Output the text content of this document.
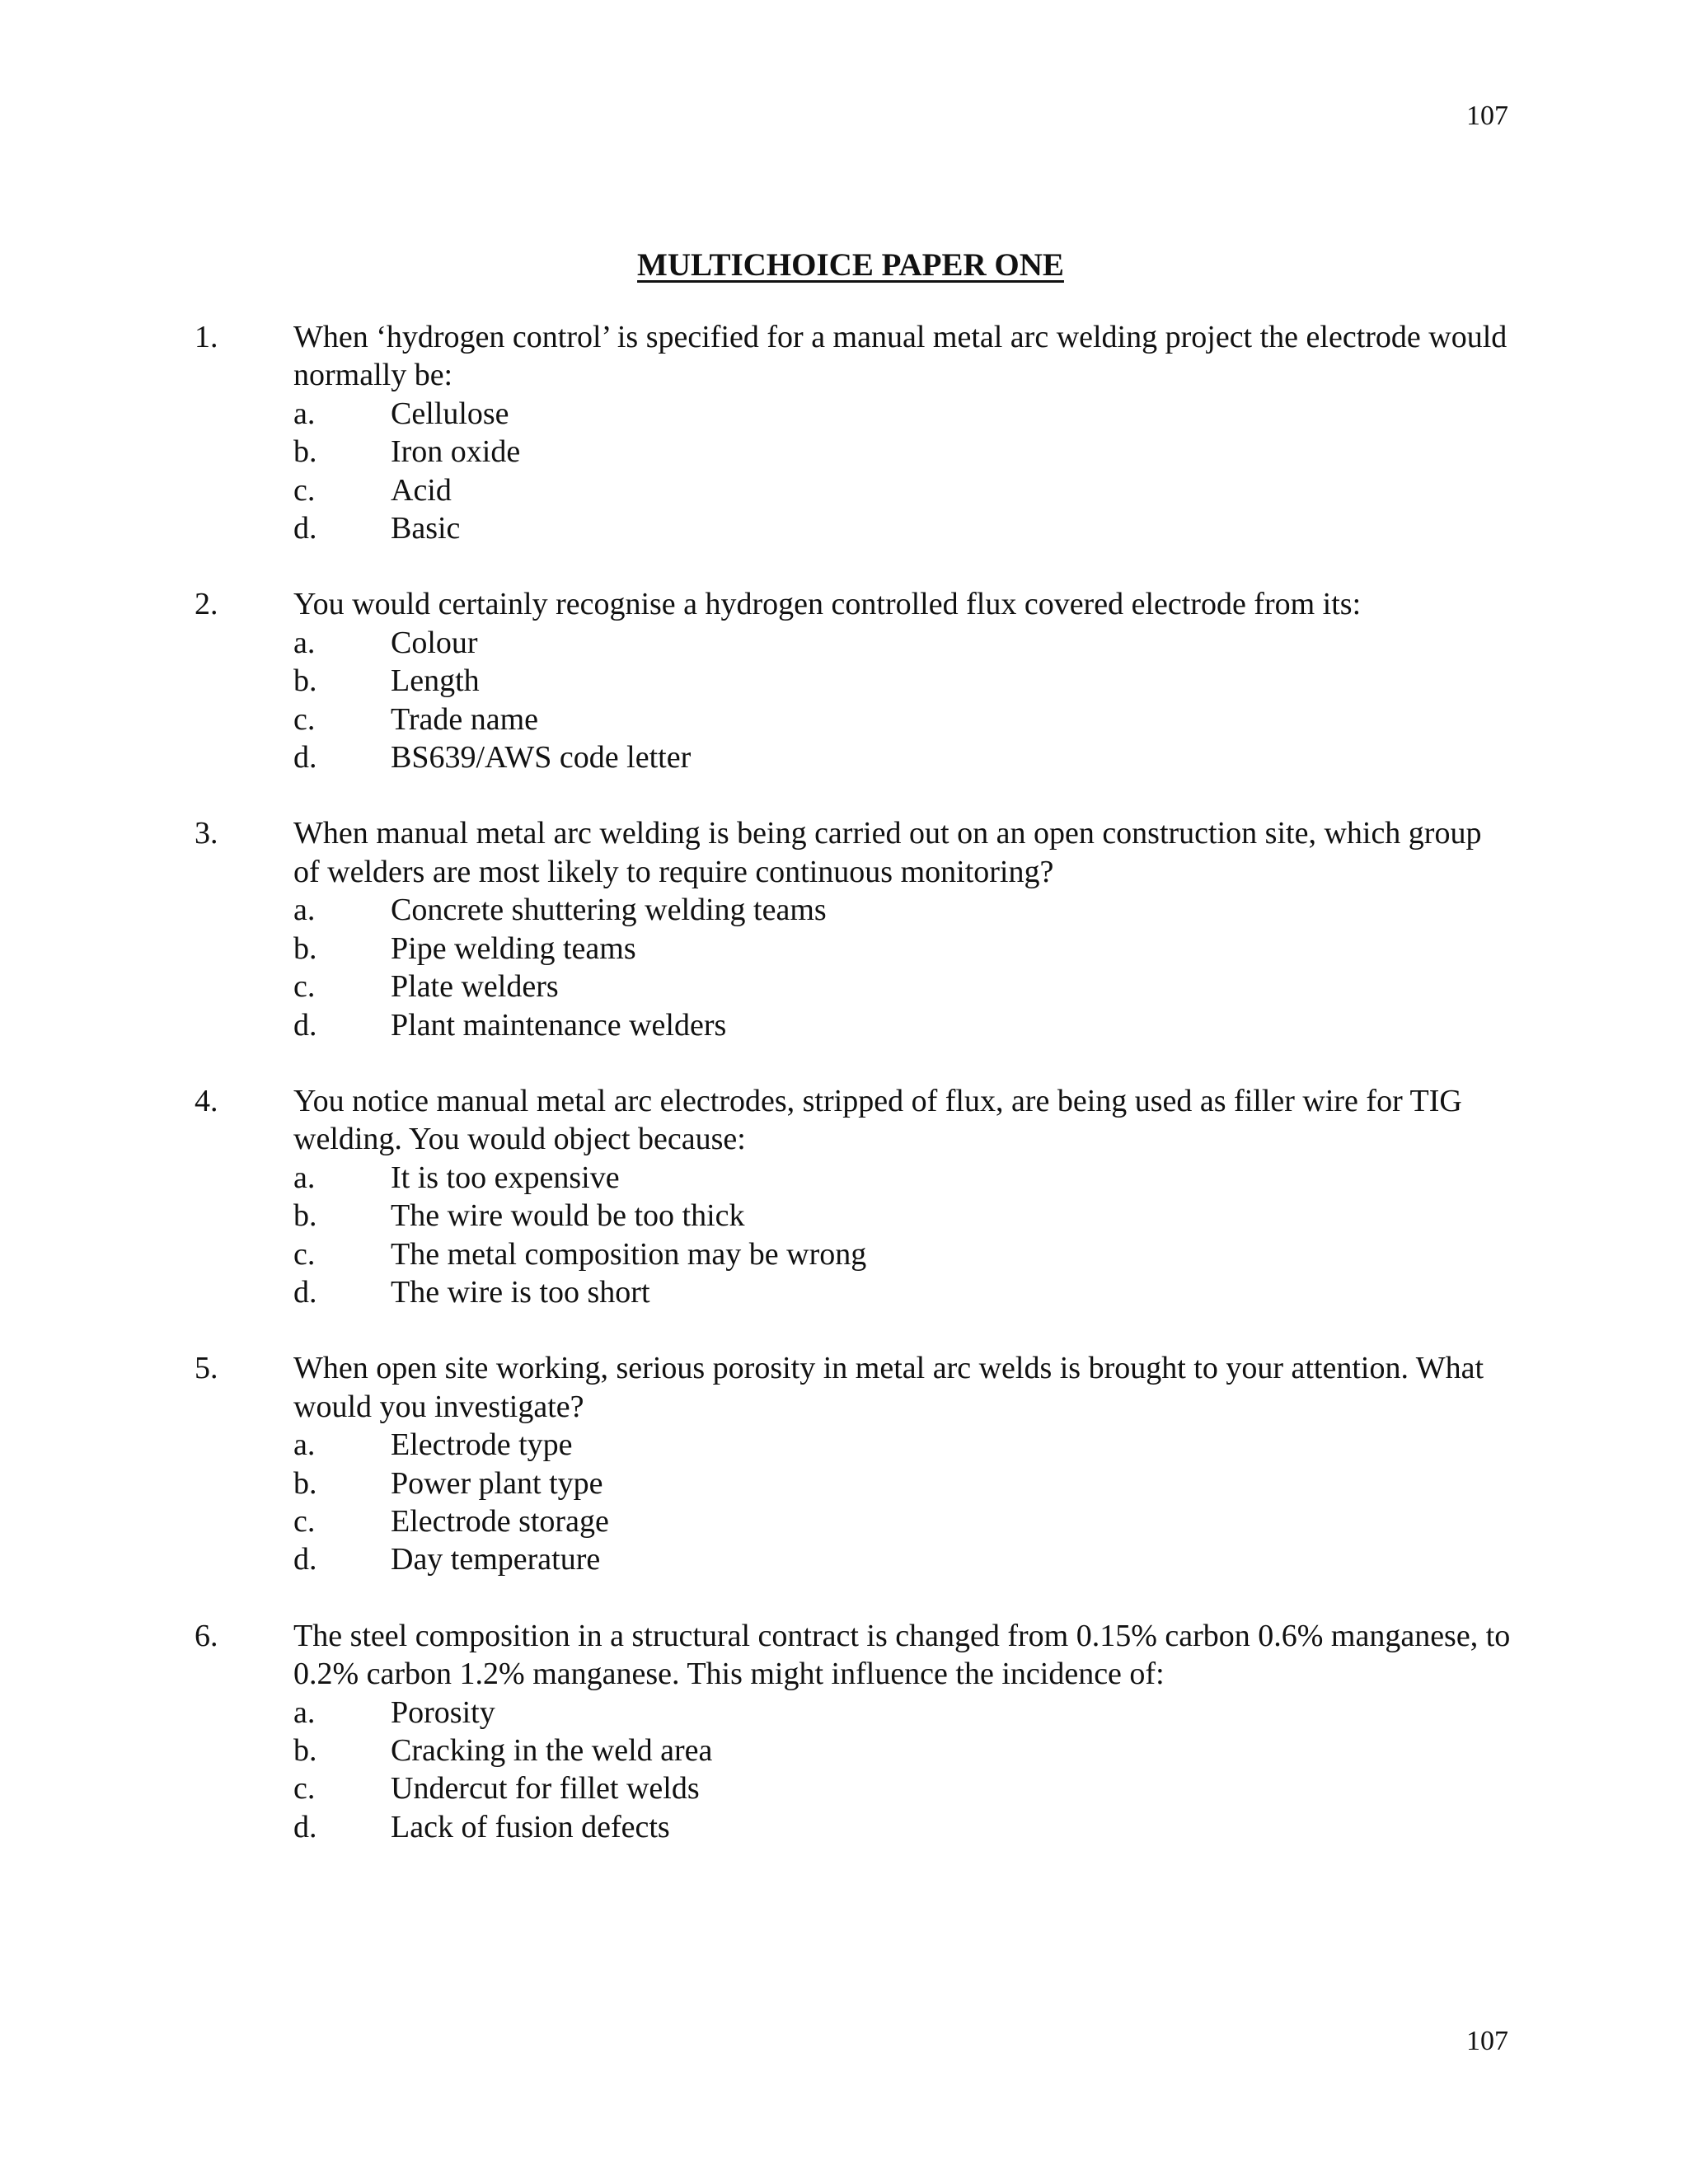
107
MULTICHOICE PAPER ONE
1. When ‘hydrogen control’ is specified for a manual metal arc welding project the electrode would normally be:
a. Cellulose
b. Iron oxide
c. Acid
d. Basic
2. You would certainly recognise a hydrogen controlled flux covered electrode from its:
a. Colour
b. Length
c. Trade name
d. BS639/AWS code letter
3. When manual metal arc welding is being carried out on an open construction site, which group of welders are most likely to require continuous monitoring?
a. Concrete shuttering welding teams
b. Pipe welding teams
c. Plate welders
d. Plant maintenance welders
4. You notice manual metal arc electrodes, stripped of flux, are being used as filler wire for TIG welding. You would object because:
a. It is too expensive
b. The wire would be too thick
c. The metal composition may be wrong
d. The wire is too short
5. When open site working, serious porosity in metal arc welds is brought to your attention. What would you investigate?
a. Electrode type
b. Power plant type
c. Electrode storage
d. Day temperature
6. The steel composition in a structural contract is changed from 0.15% carbon 0.6% manganese, to 0.2% carbon 1.2% manganese. This might influence the incidence of:
a. Porosity
b. Cracking in the weld area
c. Undercut for fillet welds
d. Lack of fusion defects
107
